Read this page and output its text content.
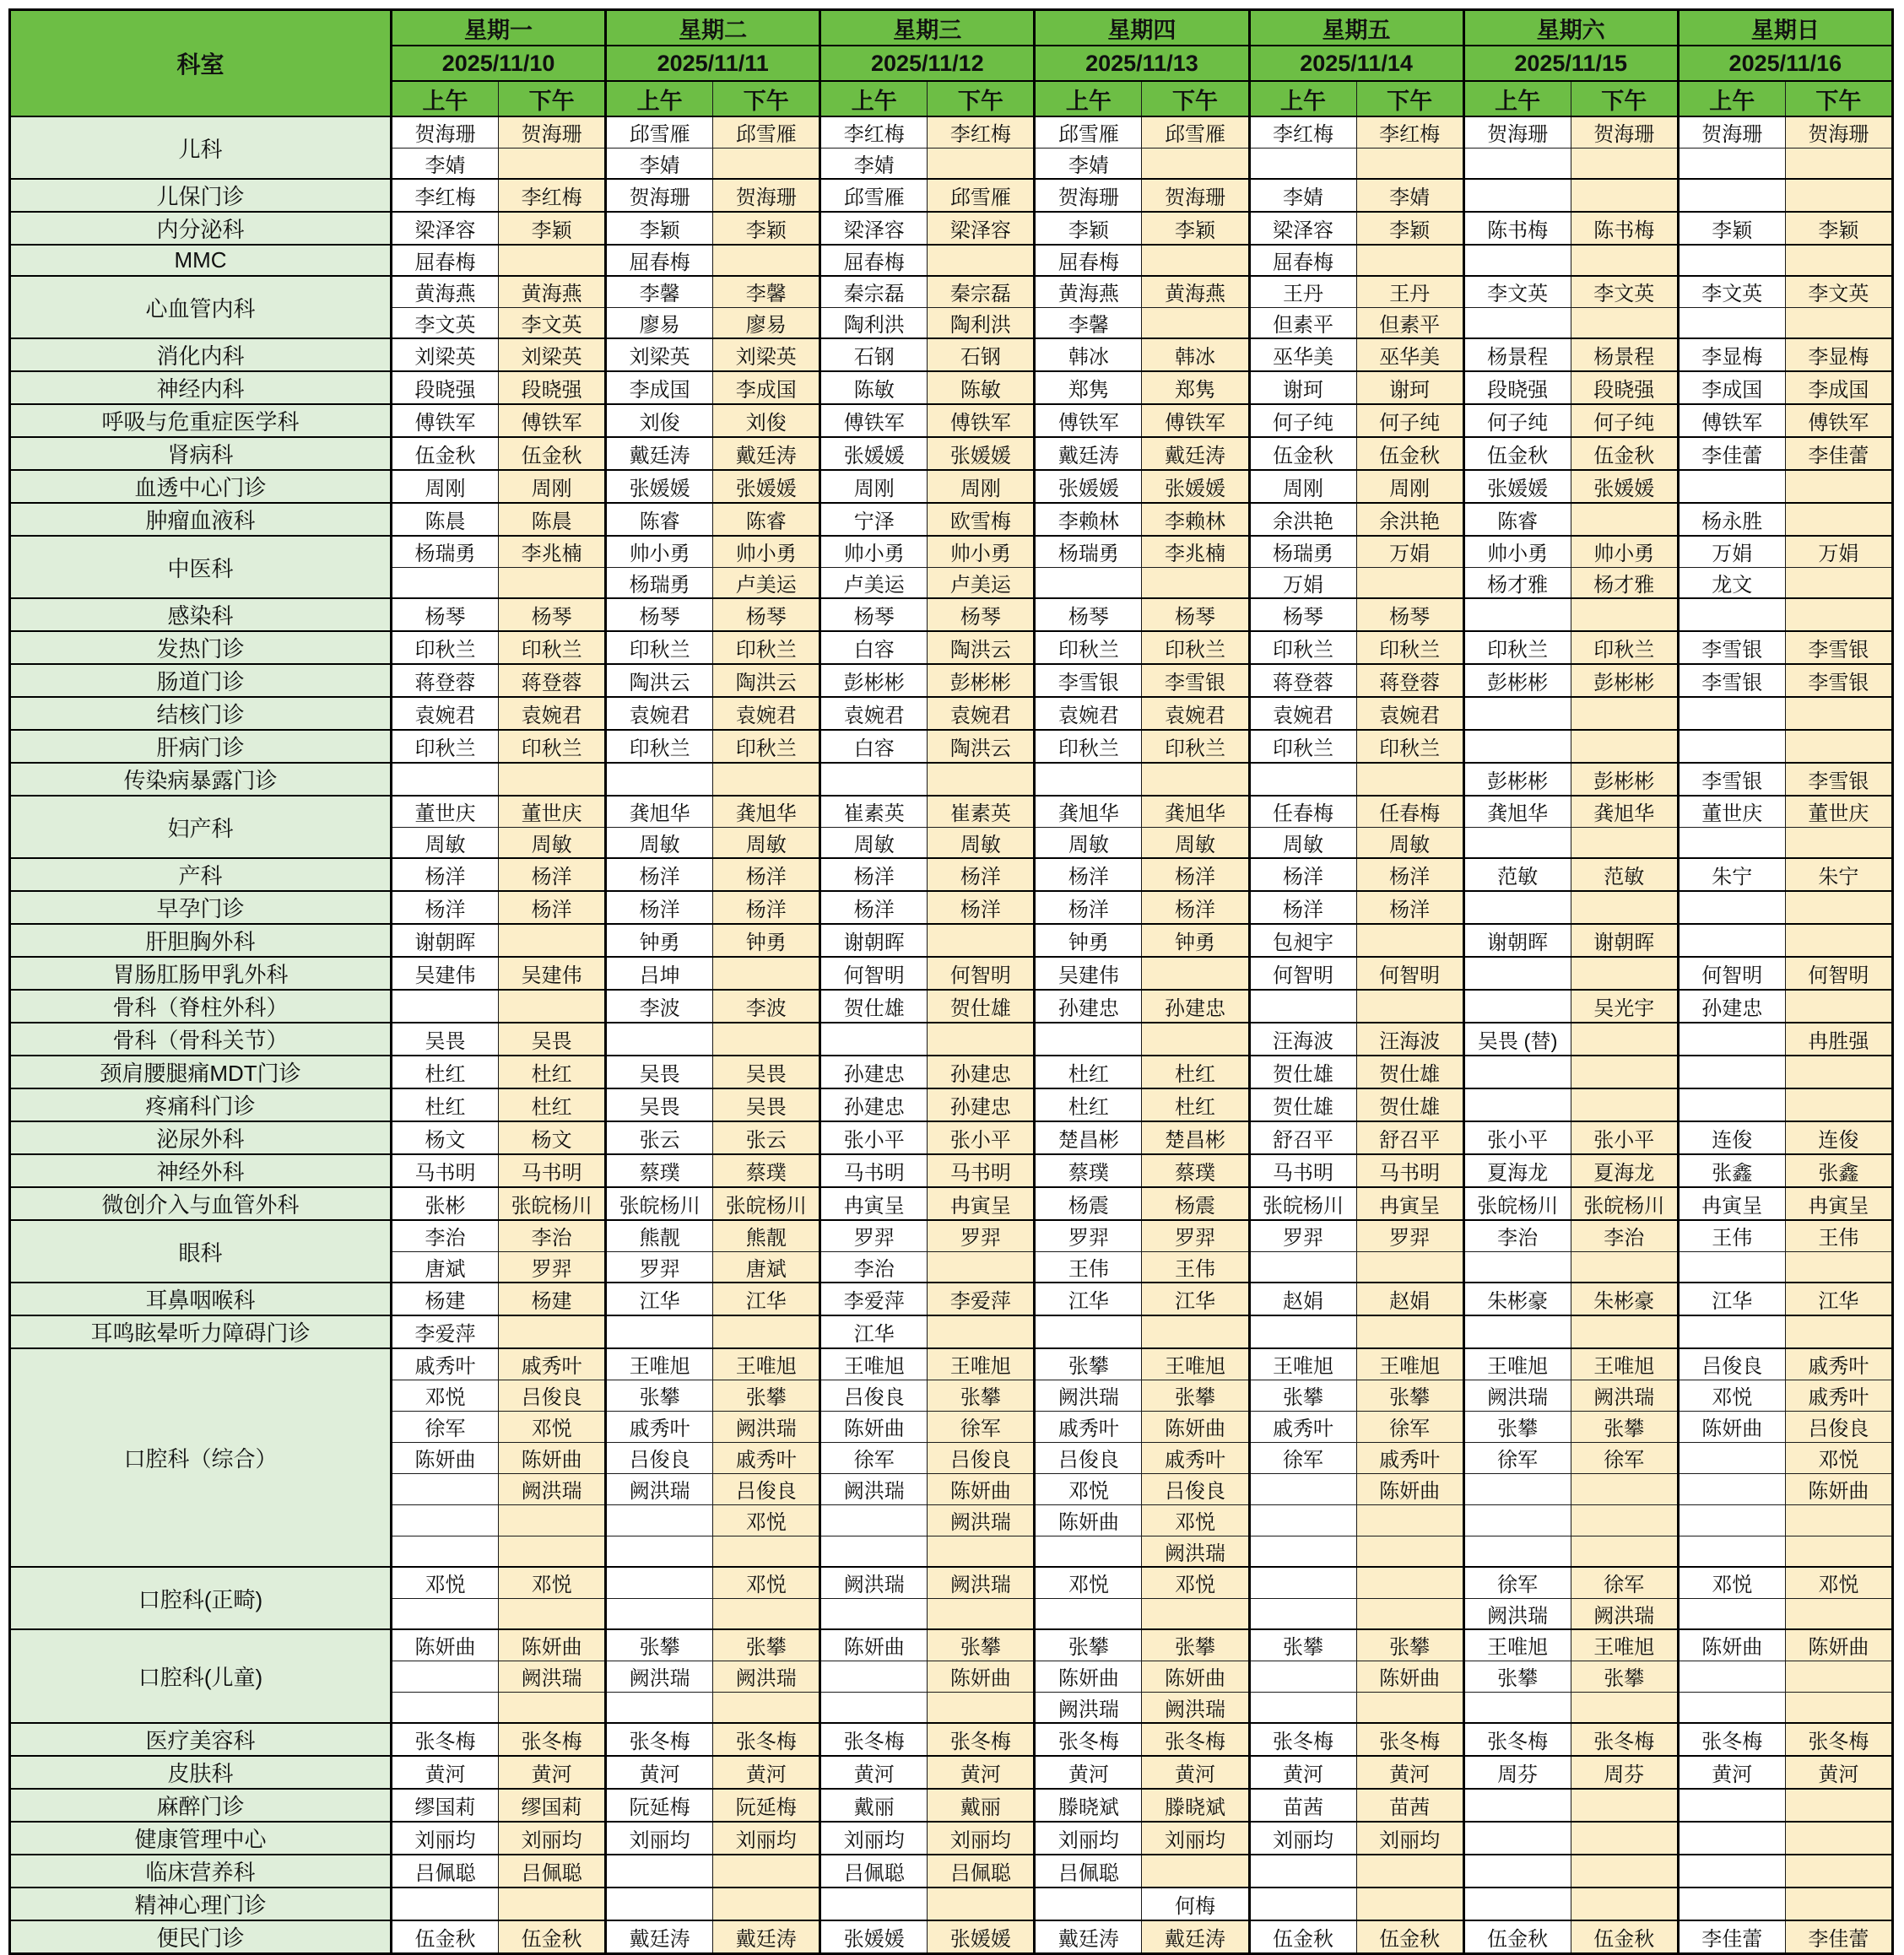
科室	星期一		星期二		星期三		星期四		星期五		星期六		星期日	
	2025/11/10		2025/11/11		2025/11/12		2025/11/13		2025/11/14		2025/11/15		2025/11/16	
	上午	下午	上午	下午	上午	下午	上午	下午	上午	下午	上午	下午	上午	下午
儿科	贺海珊	贺海珊	邱雪雁	邱雪雁	李红梅	李红梅	邱雪雁	邱雪雁	李红梅	李红梅	贺海珊	贺海珊	贺海珊	贺海珊
	李婧		李婧		李婧		李婧							
儿保门诊	李红梅	李红梅	贺海珊	贺海珊	邱雪雁	邱雪雁	贺海珊	贺海珊	李婧	李婧				
内分泌科	梁泽容	李颖	李颖	李颖	梁泽容	梁泽容	李颖	李颖	梁泽容	李颖	陈书梅	陈书梅	李颖	李颖
MMC	屈春梅		屈春梅		屈春梅		屈春梅		屈春梅					
心血管内科	黄海燕	黄海燕	李馨	李馨	秦宗磊	秦宗磊	黄海燕	黄海燕	王丹	王丹	李文英	李文英	李文英	李文英
	李文英	李文英	廖易	廖易	陶利洪	陶利洪	李馨		但素平	但素平				
消化内科	刘梁英	刘梁英	刘梁英	刘梁英	石钢	石钢	韩冰	韩冰	巫华美	巫华美	杨景程	杨景程	李显梅	李显梅
神经内科	段晓强	段晓强	李成国	李成国	陈敏	陈敏	郑隽	郑隽	谢珂	谢珂	段晓强	段晓强	李成国	李成国
呼吸与危重症医学科	傅铁军	傅铁军	刘俊	刘俊	傅铁军	傅铁军	傅铁军	傅铁军	何子纯	何子纯	何子纯	何子纯	傅铁军	傅铁军
肾病科	伍金秋	伍金秋	戴廷涛	戴廷涛	张媛媛	张媛媛	戴廷涛	戴廷涛	伍金秋	伍金秋	伍金秋	伍金秋	李佳蕾	李佳蕾
血透中心门诊	周刚	周刚	张媛媛	张媛媛	周刚	周刚	张媛媛	张媛媛	周刚	周刚	张媛媛	张媛媛		
肿瘤血液科	陈晨	陈晨	陈睿	陈睿	宁泽	欧雪梅	李赖林	李赖林	余洪艳	余洪艳	陈睿		杨永胜	
中医科	杨瑞勇	李兆楠	帅小勇	帅小勇	帅小勇	帅小勇	杨瑞勇	李兆楠	杨瑞勇	万娟	帅小勇	帅小勇	万娟	万娟
			杨瑞勇	卢美运	卢美运	卢美运			万娟		杨才雅	杨才雅	龙文	
感染科	杨琴	杨琴	杨琴	杨琴	杨琴	杨琴	杨琴	杨琴	杨琴	杨琴				
发热门诊	印秋兰	印秋兰	印秋兰	印秋兰	白容	陶洪云	印秋兰	印秋兰	印秋兰	印秋兰	印秋兰	印秋兰	李雪银	李雪银
肠道门诊	蒋登蓉	蒋登蓉	陶洪云	陶洪云	彭彬彬	彭彬彬	李雪银	李雪银	蒋登蓉	蒋登蓉	彭彬彬	彭彬彬	李雪银	李雪银
结核门诊	袁婉君	袁婉君	袁婉君	袁婉君	袁婉君	袁婉君	袁婉君	袁婉君	袁婉君	袁婉君				
肝病门诊	印秋兰	印秋兰	印秋兰	印秋兰	白容	陶洪云	印秋兰	印秋兰	印秋兰	印秋兰				
传染病暴露门诊											彭彬彬	彭彬彬	李雪银	李雪银
妇产科	董世庆	董世庆	龚旭华	龚旭华	崔素英	崔素英	龚旭华	龚旭华	任春梅	任春梅	龚旭华	龚旭华	董世庆	董世庆
	周敏	周敏	周敏	周敏	周敏	周敏	周敏	周敏	周敏	周敏				
产科	杨洋	杨洋	杨洋	杨洋	杨洋	杨洋	杨洋	杨洋	杨洋	杨洋	范敏	范敏	朱宁	朱宁
早孕门诊	杨洋	杨洋	杨洋	杨洋	杨洋	杨洋	杨洋	杨洋	杨洋	杨洋				
肝胆胸外科	谢朝晖		钟勇	钟勇	谢朝晖		钟勇	钟勇	包昶宇		谢朝晖	谢朝晖		
胃肠肛肠甲乳外科	吴建伟	吴建伟	吕坤		何智明	何智明	吴建伟		何智明	何智明			何智明	何智明
骨科（脊柱外科）			李波	李波	贺仕雄	贺仕雄	孙建忠	孙建忠				吴光宇	孙建忠	
骨科（骨科关节）	吴畏	吴畏							汪海波	汪海波	吴畏 (替)			冉胜强
颈肩腰腿痛MDT门诊	杜红	杜红	吴畏	吴畏	孙建忠	孙建忠	杜红	杜红	贺仕雄	贺仕雄				
疼痛科门诊	杜红	杜红	吴畏	吴畏	孙建忠	孙建忠	杜红	杜红	贺仕雄	贺仕雄				
泌尿外科	杨文	杨文	张云	张云	张小平	张小平	楚昌彬	楚昌彬	舒召平	舒召平	张小平	张小平	连俊	连俊
神经外科	马书明	马书明	蔡璞	蔡璞	马书明	马书明	蔡璞	蔡璞	马书明	马书明	夏海龙	夏海龙	张鑫	张鑫
微创介入与血管外科	张彬	张皖杨川	张皖杨川	张皖杨川	冉寅呈	冉寅呈	杨震	杨震	张皖杨川	冉寅呈	张皖杨川	张皖杨川	冉寅呈	冉寅呈
眼科	李治	李治	熊靓	熊靓	罗羿	罗羿	罗羿	罗羿	罗羿	罗羿	李治	李治	王伟	王伟
	唐斌	罗羿	罗羿	唐斌	李治		王伟	王伟						
耳鼻咽喉科	杨建	杨建	江华	江华	李爱萍	李爱萍	江华	江华	赵娟	赵娟	朱彬豪	朱彬豪	江华	江华
耳鸣眩晕听力障碍门诊	李爱萍				江华									
口腔科（综合）	戚秀叶	戚秀叶	王唯旭	王唯旭	王唯旭	王唯旭	张攀	王唯旭	王唯旭	王唯旭	王唯旭	王唯旭	吕俊良	戚秀叶
	邓悦	吕俊良	张攀	张攀	吕俊良	张攀	阙洪瑞	张攀	张攀	张攀	阙洪瑞	阙洪瑞	邓悦	戚秀叶
	徐军	邓悦	戚秀叶	阙洪瑞	陈妍曲	徐军	戚秀叶	陈妍曲	戚秀叶	徐军	张攀	张攀	陈妍曲	吕俊良
	陈妍曲	陈妍曲	吕俊良	戚秀叶	徐军	吕俊良	吕俊良	戚秀叶	徐军	戚秀叶	徐军	徐军		邓悦
		阙洪瑞	阙洪瑞	吕俊良	阙洪瑞	陈妍曲	邓悦	吕俊良		陈妍曲				陈妍曲
				邓悦		阙洪瑞	陈妍曲	邓悦						
								阙洪瑞						
口腔科(正畸)	邓悦	邓悦		邓悦	阙洪瑞	阙洪瑞	邓悦	邓悦			徐军	徐军	邓悦	邓悦
											阙洪瑞	阙洪瑞		
口腔科(儿童)	陈妍曲	陈妍曲	张攀	张攀	陈妍曲	张攀	张攀	张攀	张攀	张攀	王唯旭	王唯旭	陈妍曲	陈妍曲
		阙洪瑞	阙洪瑞	阙洪瑞		陈妍曲	陈妍曲	陈妍曲		陈妍曲	张攀	张攀		
							阙洪瑞	阙洪瑞						
医疗美容科	张冬梅	张冬梅	张冬梅	张冬梅	张冬梅	张冬梅	张冬梅	张冬梅	张冬梅	张冬梅	张冬梅	张冬梅	张冬梅	张冬梅
皮肤科	黄河	黄河	黄河	黄河	黄河	黄河	黄河	黄河	黄河	黄河	周芬	周芬	黄河	黄河
麻醉门诊	缪国莉	缪国莉	阮延梅	阮延梅	戴丽	戴丽	滕晓斌	滕晓斌	苗茜	苗茜				
健康管理中心	刘丽均	刘丽均	刘丽均	刘丽均	刘丽均	刘丽均	刘丽均	刘丽均	刘丽均	刘丽均				
临床营养科	吕佩聪	吕佩聪			吕佩聪	吕佩聪	吕佩聪							
精神心理门诊								何梅						
便民门诊	伍金秋	伍金秋	戴廷涛	戴廷涛	张媛媛	张媛媛	戴廷涛	戴廷涛	伍金秋	伍金秋	伍金秋	伍金秋	李佳蕾	李佳蕾
